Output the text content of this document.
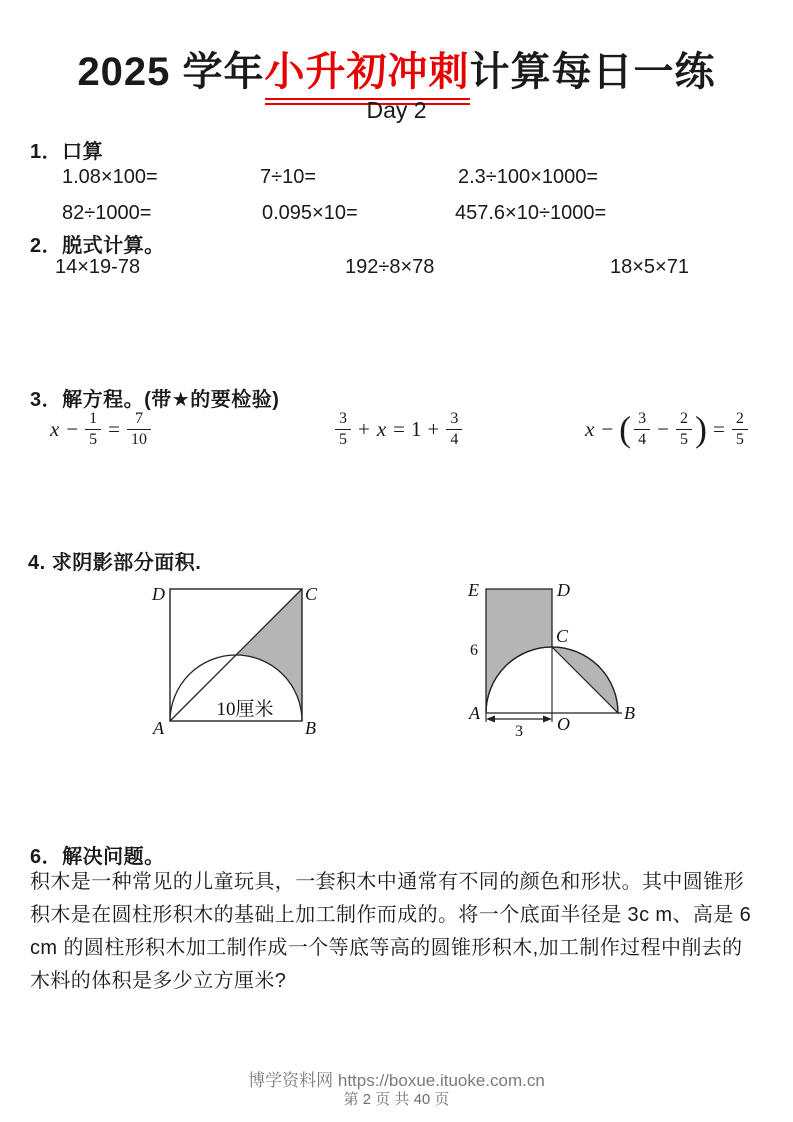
2025 学年小升初冲刺计算每日一练
Day 2
1．口算
1.08×100=	7÷10=	2.3÷100×1000=
82÷1000=	0.095×10=	457.6×10÷1000=
2．脱式计算。
14×19-78	192÷8×78	18×5×71
3．解方程。(带★的要检验)
$x - \frac{1}{5} = \frac{7}{10}$	$\frac{3}{5} + x = 1 + \frac{3}{4}$	x − ( $\frac{3}{4} - \frac{2}{5}$ ) = $\frac{2}{5}$
4. 求阴影部分面积.
D	C
A	B
10厘米
E	D
C
A	B
O
6
3
6．解决问题。
积木是一种常见的儿童玩具，一套积木中通常有不同的颜色和形状。其中圆锥形
积木是在圆柱形积木的基础上加工制作而成的。将一个底面半径是 3c m、高是 6
cm 的圆柱形积木加工制作成一个等底等高的圆锥形积木,加工制作过程中削去的
木料的体积是多少立方厘米?
博学资料网 https://boxue.ituoke.com.cn
第 2 页 共 40 页
